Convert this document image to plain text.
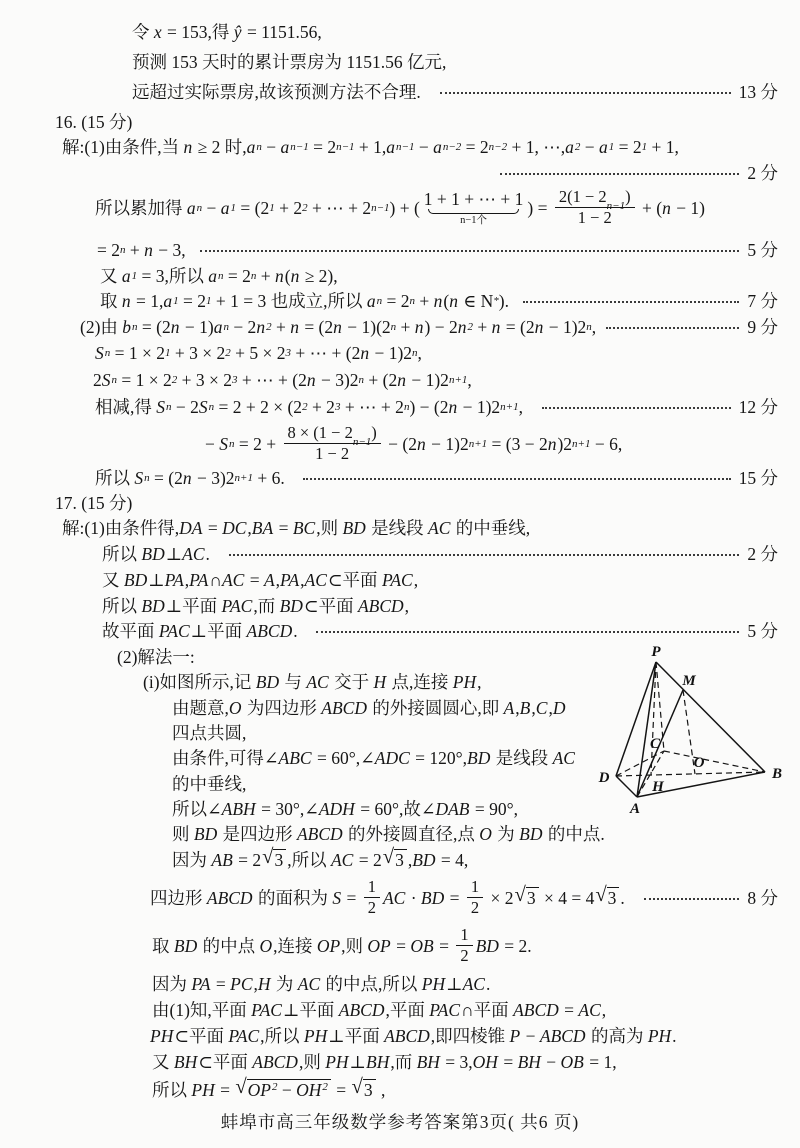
令 x = 153,得 ŷ = 1151.56,
预测 153 天时的累计票房为 1151.56 亿元,
远超过实际票房,故该预测方法不合理.	13 分
16. (15 分)
解:(1)由条件,当 n ≥ 2 时, a n − a n−1 = 2 n−1 + 1, a n−1 − a n−2 = 2 n−2 + 1, ⋯, a 2 − a 1 = 2 1 + 1,
2 分
所以累加得 a n − a 1 = (2 1 + 2 2 + ⋯ + 2 n−1 ) + ( 1 + 1 + ⋯ + 1
n−1个
) = 2(1 − 2
n−1
)
1 − 2 + ( n − 1)
= 2 n + n − 3,	5 分
又 a 1 = 3,所以 a n = 2 n + n ( n ≥ 2),
取 n = 1, a 1 = 2 1 + 1 = 3 也成立,所以 a n = 2 n + n ( n ∈ N * ).	7 分
(2)由 b n = (2 n − 1) a n − 2 n 2 + n = (2 n − 1)(2 n + n ) − 2 n 2 + n = (2 n − 1)2 n ,	9 分
S n = 1 × 2 1 + 3 × 2 2 + 5 × 2 3 + ⋯ + (2 n − 1)2 n ,
2 S n = 1 × 2 2 + 3 × 2 3 + ⋯ + (2 n − 3)2 n + (2 n − 1)2 n+1 ,
相减,得 S n − 2 S n = 2 + 2 × (2 2 + 2 3 + ⋯ + 2 n ) − (2 n − 1)2 n+1 ,	12 分
− S n = 2 + 8 × (1 − 2
n−1
)
1 − 2 − (2 n − 1)2 n+1 = (3 − 2 n )2 n+1 − 6,
所以 S n = (2 n − 3)2 n+1 + 6.	15 分
17. (15 分)
解:(1)由条件得, DA = DC , BA = BC ,则 BD 是线段 AC 的中垂线,
所以 BD ⊥ AC .	2 分
又 BD ⊥ PA , PA ∩ AC = A , PA , AC ⊂平面 PAC ,
所以 BD ⊥平面 PAC ,而 BD ⊂平面 ABCD ,
故平面 PAC ⊥平面 ABCD .	5 分
(2)解法一:
(i)如图所示,记 BD 与 AC 交于 H 点,连接 PH ,
由题意, O 为四边形 ABCD 的外接圆圆心,即 A , B , C , D
四点共圆,
由条件,可得∠ ABC = 60°,∠ ADC = 120°, BD 是线段 AC
的中垂线,
所以∠ ABH = 30°,∠ ADH = 60°,故∠ DAB = 90°,
则 BD 是四边形 ABCD 的外接圆直径,点 O 为 BD 的中点.
因为 AB = 2 √ 3 ,所以 AC = 2 √ 3 , BD = 4,
四边形 ABCD 的面积为 $S = \frac{1}{2}$ AC · BD = $\frac{1}{2} \times 2$ √ 3 × 4 = 4 √ 3 .	8 分
取 BD 的中点 O ,连接 OP ,则 OP = OB = $\frac{1}{2}$ BD = 2.
因为 PA = PC , H 为 AC 的中点,所以 PH ⊥ AC .
由(1)知,平面 PAC ⊥平面 ABCD ,平面 PAC ∩平面 ABCD = AC ,
PH ⊂平面 PAC ,所以 PH ⊥平面 ABCD ,即四棱锥 P − ABCD 的高为 PH .
又 BH ⊂平面 ABCD ,则 PH ⊥ BH ,而 BH = 3, OH = BH − OB = 1,
所以 PH = √ $OP^2 - OH^2$ = √ 3 ,
P
M
D	B
A
H
O
C
蚌埠市高三年级数学参考答案第3页( 共6 页)
